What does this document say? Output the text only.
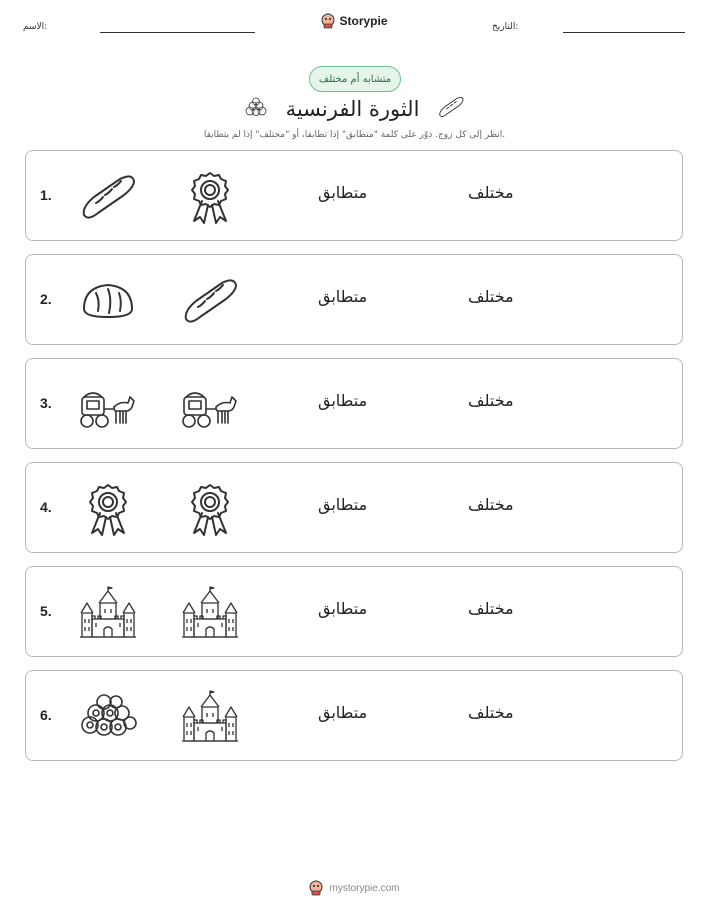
الاسم:	Storypie	التاريخ:
متشابه أم مختلف
الثورة الفرنسية
انظر إلى كل زوج. دوّر على كلمة "متطابق" إذا تطابقا، أو "مختلف" إذا لم يتطابقا.
1.	متطابق	مختلف
2.	متطابق	مختلف
3.	متطابق	مختلف
4.	متطابق	مختلف
5.	متطابق	مختلف
6.	متطابق	مختلف
mystorypie.com
